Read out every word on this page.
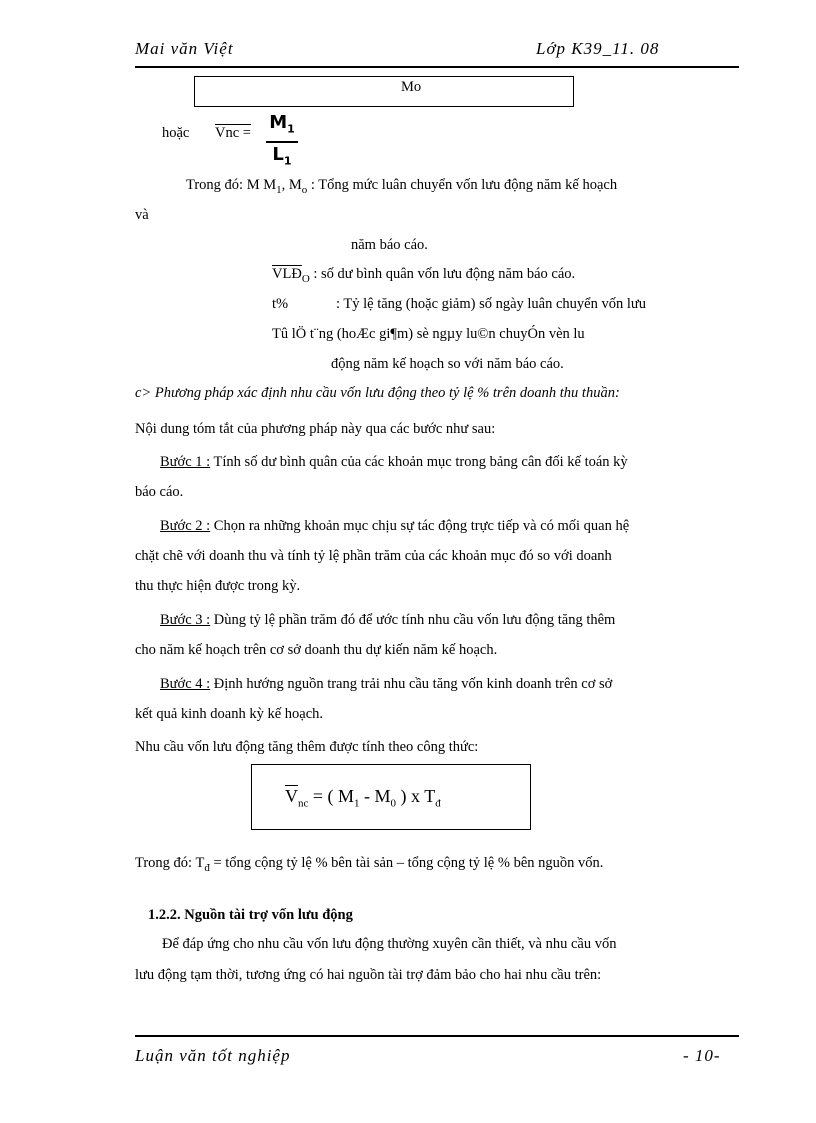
Mai văn Việt	Lớp K39_11. 08
Mo
hoặc Vnc = $\frac{M_1}{L_1}$
Trong đó: M $M_1$, $M_o$ : Tổng mức luân chuyển vốn lưu động năm kế hoạch
và
năm báo cáo.
$\overline{VLĐ}_O$ : số dư bình quân vốn lưu động năm báo cáo.
t%	: Tỷ lệ tăng (hoặc giảm) số ngày luân chuyển vốn lưu
Tû lÖ t¨ng (hoÆc gi¶m) sè ngµy lu©n chuyÓn vèn lu
động năm kế hoạch so với năm báo cáo.
c> Phương pháp xác định nhu cầu vốn lưu động theo tỷ lệ % trên doanh thu thuần:
Nội dung tóm tắt của phương pháp này qua các bước như sau:
Bước 1 : Tính số dư bình quân của các khoản mục trong bảng cân đối kế toán kỳ
báo cáo.
Bước 2 : Chọn ra những khoản mục chịu sự tác động trực tiếp và có mối quan hệ
chặt chẽ với doanh thu và tính tỷ lệ phần trăm của các khoản mục đó so với doanh
thu thực hiện được trong kỳ.
Bước 3 : Dùng tỷ lệ phần trăm đó để ước tính nhu cầu vốn lưu động tăng thêm
cho năm kế hoạch trên cơ sở doanh thu dự kiến năm kế hoạch.
Bước 4 : Định hướng nguồn trang trải nhu cầu tăng vốn kinh doanh trên cơ sở
kết quả kinh doanh kỳ kế hoạch.
Nhu cầu vốn lưu động tăng thêm được tính theo công thức:
$\overline{V}_{nc}$ = ( $M_1 - M_0$ ) x $T_đ$
Trong đó: $T_đ$ = tổng cộng tỷ lệ % bên tài sản – tổng cộng tỷ lệ % bên nguồn vốn.
1.2.2. Nguồn tài trợ vốn lưu động
Để đáp ứng cho nhu cầu vốn lưu động thường xuyên cần thiết, và nhu cầu vốn
lưu động tạm thời, tương ứng có hai nguồn tài trợ đảm bảo cho hai nhu cầu trên:
Luận văn tốt nghiệp	- 10-
